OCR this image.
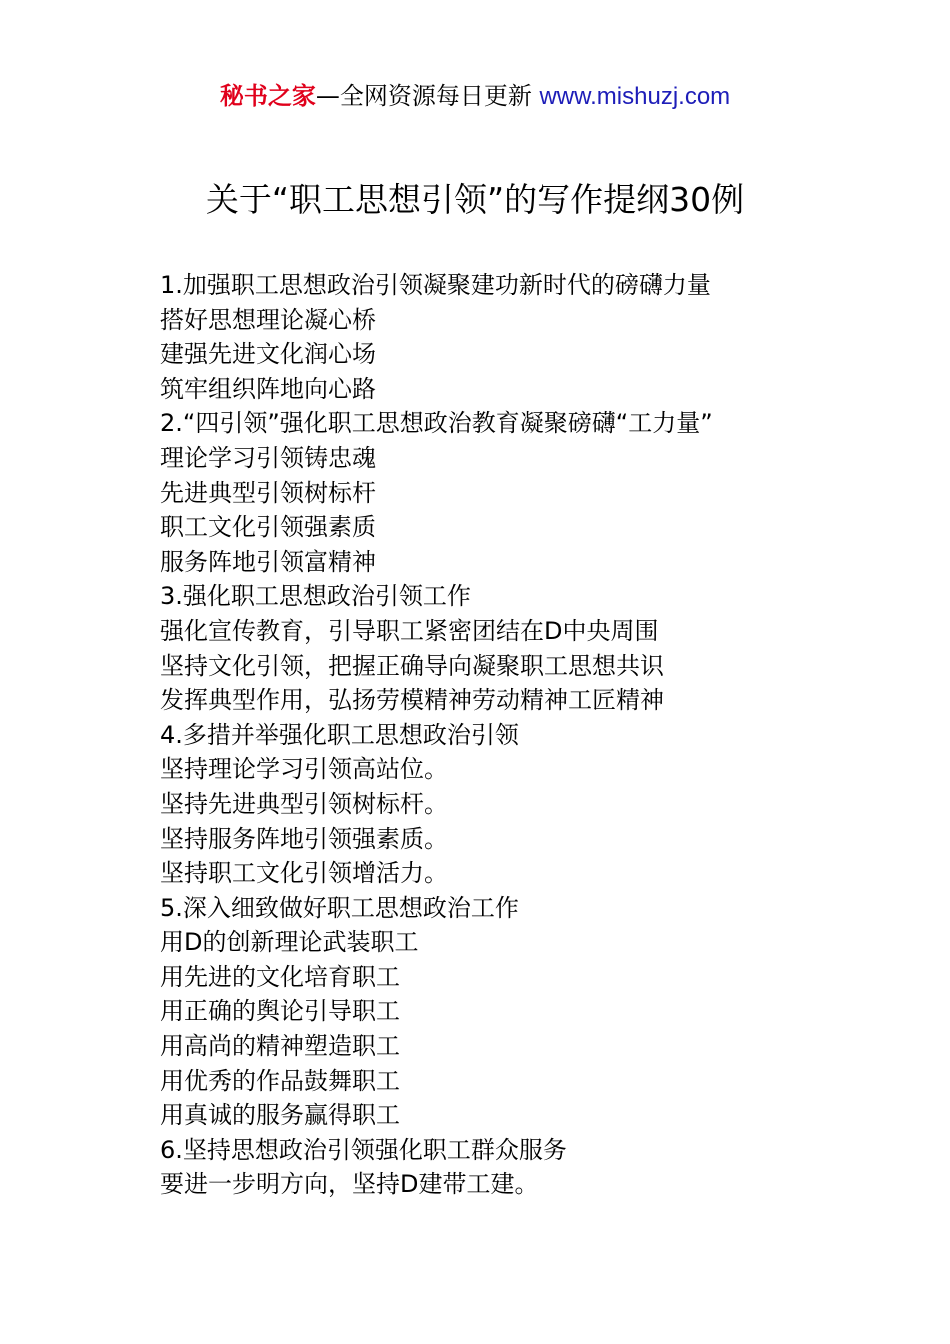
秘书之家—全网资源每日更新 www.mishuzj.com
关于“职工思想引领”的写作提纲30例
1.加强职工思想政治引领凝聚建功新时代的磅礴力量
搭好思想理论凝心桥
建强先进文化润心场
筑牢组织阵地向心路
2.“四引领”强化职工思想政治教育凝聚磅礴“工力量”
理论学习引领铸忠魂
先进典型引领树标杆
职工文化引领强素质
服务阵地引领富精神
3.强化职工思想政治引领工作
强化宣传教育，引导职工紧密团结在D中央周围
坚持文化引领，把握正确导向凝聚职工思想共识
发挥典型作用，弘扬劳模精神劳动精神工匠精神
4.多措并举强化职工思想政治引领
坚持理论学习引领高站位。
坚持先进典型引领树标杆。
坚持服务阵地引领强素质。
坚持职工文化引领增活力。
5.深入细致做好职工思想政治工作
用D的创新理论武装职工
用先进的文化培育职工
用正确的舆论引导职工
用高尚的精神塑造职工
用优秀的作品鼓舞职工
用真诚的服务赢得职工
6.坚持思想政治引领强化职工群众服务
要进一步明方向，坚持D建带工建。
